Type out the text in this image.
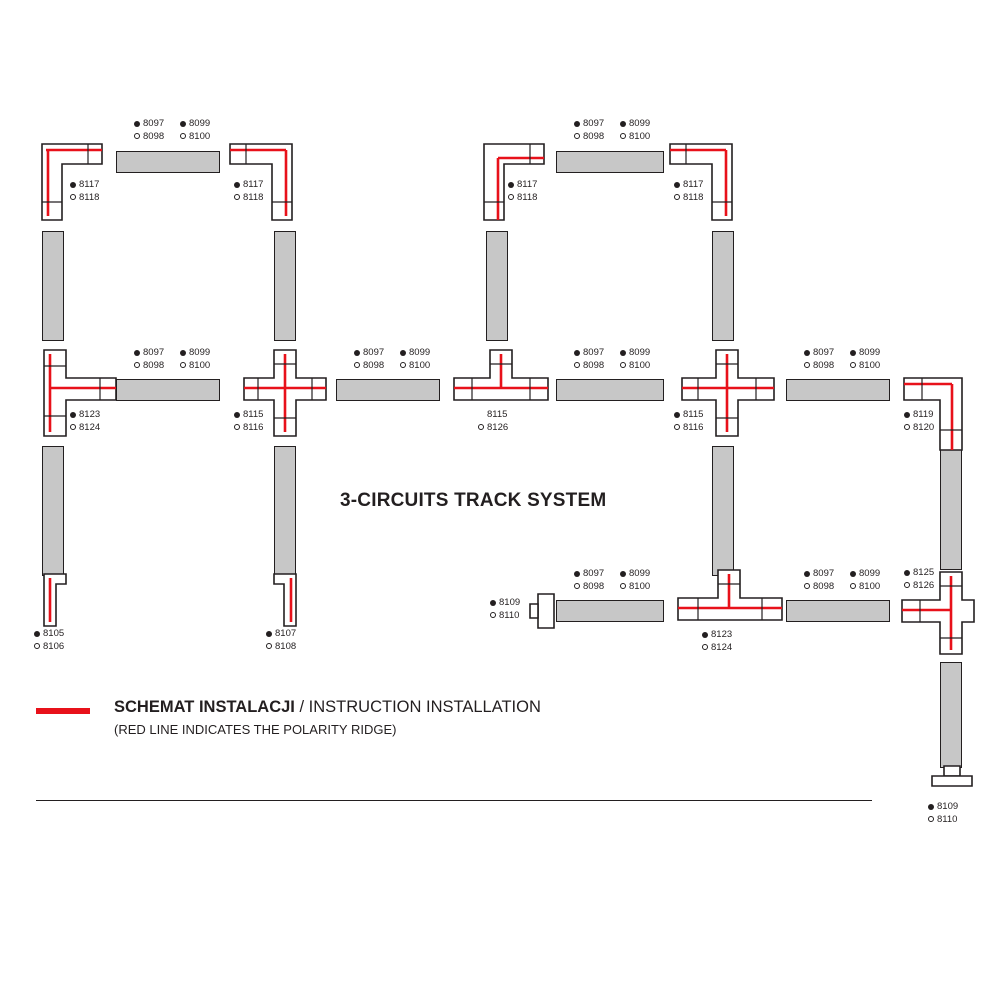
8097	8099
8098	8100
8097	8099
8098	8100
8117
8118
8117
8118
8117
8118
8117
8118
8097	8099
8098	8100
8097	8099
8098	8100
8097	8099
8098	8100
8097	8099
8098	8100
8123
8124
8115
8116
8115
8126
8115
8116
8119
8120
8097	8099
8098	8100
8097	8099
8098	8100
8105
8106
8107
8108
8109
8110
8123
8124
8125
8126
8109
8110
3-CIRCUITS TRACK SYSTEM
SCHEMAT INSTALACJI / INSTRUCTION INSTALLATION
(RED LINE INDICATES THE POLARITY RIDGE)
